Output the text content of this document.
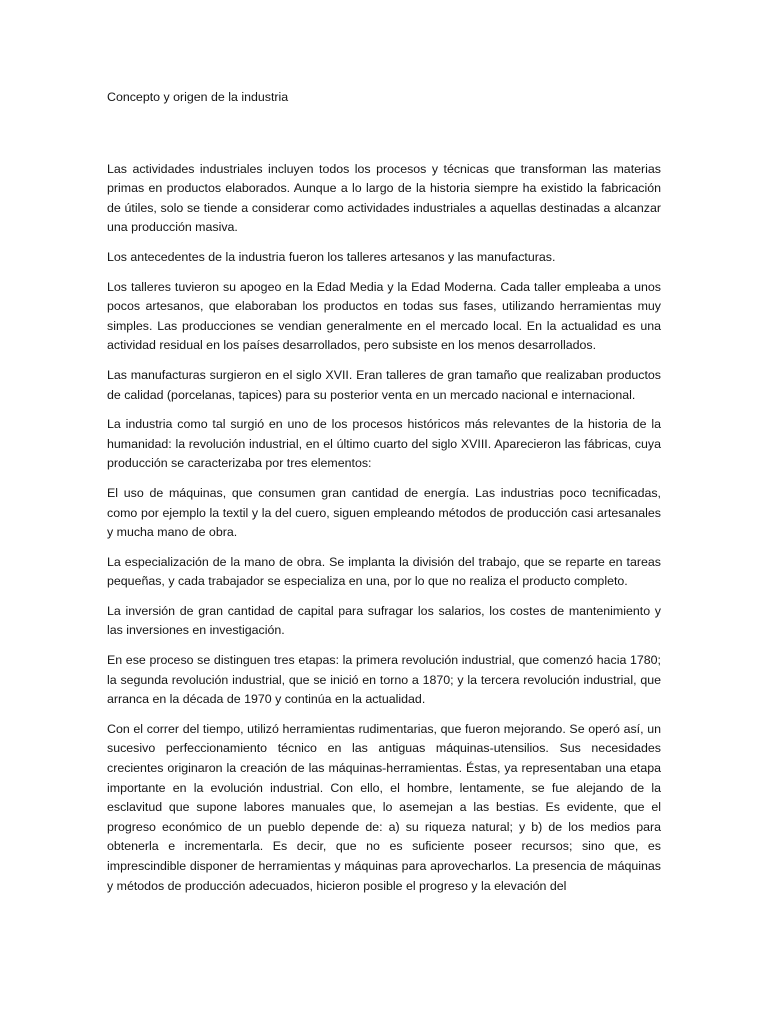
Concepto y origen de la industria

Las actividades industriales incluyen todos los procesos y técnicas que transforman las materias primas en productos elaborados. Aunque a lo largo de la historia siempre ha existido la fabricación de útiles, solo se tiende a considerar como actividades industriales a aquellas destinadas a alcanzar una producción masiva.

Los antecedentes de la industria fueron los talleres artesanos y las manufacturas.

Los talleres tuvieron su apogeo en la Edad Media y la Edad Moderna. Cada taller empleaba a unos pocos artesanos, que elaboraban los productos en todas sus fases, utilizando herramientas muy simples. Las producciones se vendian generalmente en el mercado local. En la actualidad es una actividad residual en los países desarrollados, pero subsiste en los menos desarrollados.

Las manufacturas surgieron en el siglo XVII. Eran talleres de gran tamaño que realizaban productos de calidad (porcelanas, tapices) para su posterior venta en un mercado nacional e internacional.

La industria como tal surgió en uno de los procesos históricos más relevantes de la historia de la humanidad: la revolución industrial, en el último cuarto del siglo XVIII. Aparecieron las fábricas, cuya producción se caracterizaba por tres elementos:

El uso de máquinas, que consumen gran cantidad de energía. Las industrias poco tecnificadas, como por ejemplo la textil y la del cuero, siguen empleando métodos de producción casi artesanales y mucha mano de obra.

La especialización de la mano de obra. Se implanta la división del trabajo, que se reparte en tareas pequeñas, y cada trabajador se especializa en una, por lo que no realiza el producto completo.

La inversión de gran cantidad de capital para sufragar los salarios, los costes de mantenimiento y las inversiones en investigación.

En ese proceso se distinguen tres etapas: la primera revolución industrial, que comenzó hacia 1780; la segunda revolución industrial, que se inició en torno a 1870; y la tercera revolución industrial, que arranca en la década de 1970 y continúa en la actualidad.

Con el correr del tiempo, utilizó herramientas rudimentarias, que fueron mejorando. Se operó así, un sucesivo perfeccionamiento técnico en las antiguas máquinas-utensilios. Sus necesidades crecientes originaron la creación de las máquinas-herramientas. Éstas, ya representaban una etapa importante en la evolución industrial. Con ello, el hombre, lentamente, se fue alejando de la esclavitud que supone labores manuales que, lo asemejan a las bestias. Es evidente, que el progreso económico de un pueblo depende de: a) su riqueza natural; y b) de los medios para obtenerla e incrementarla. Es decir, que no es suficiente poseer recursos; sino que, es imprescindible disponer de herramientas y máquinas para aprovecharlos. La presencia de máquinas y métodos de producción adecuados, hicieron posible el progreso y la elevación del
